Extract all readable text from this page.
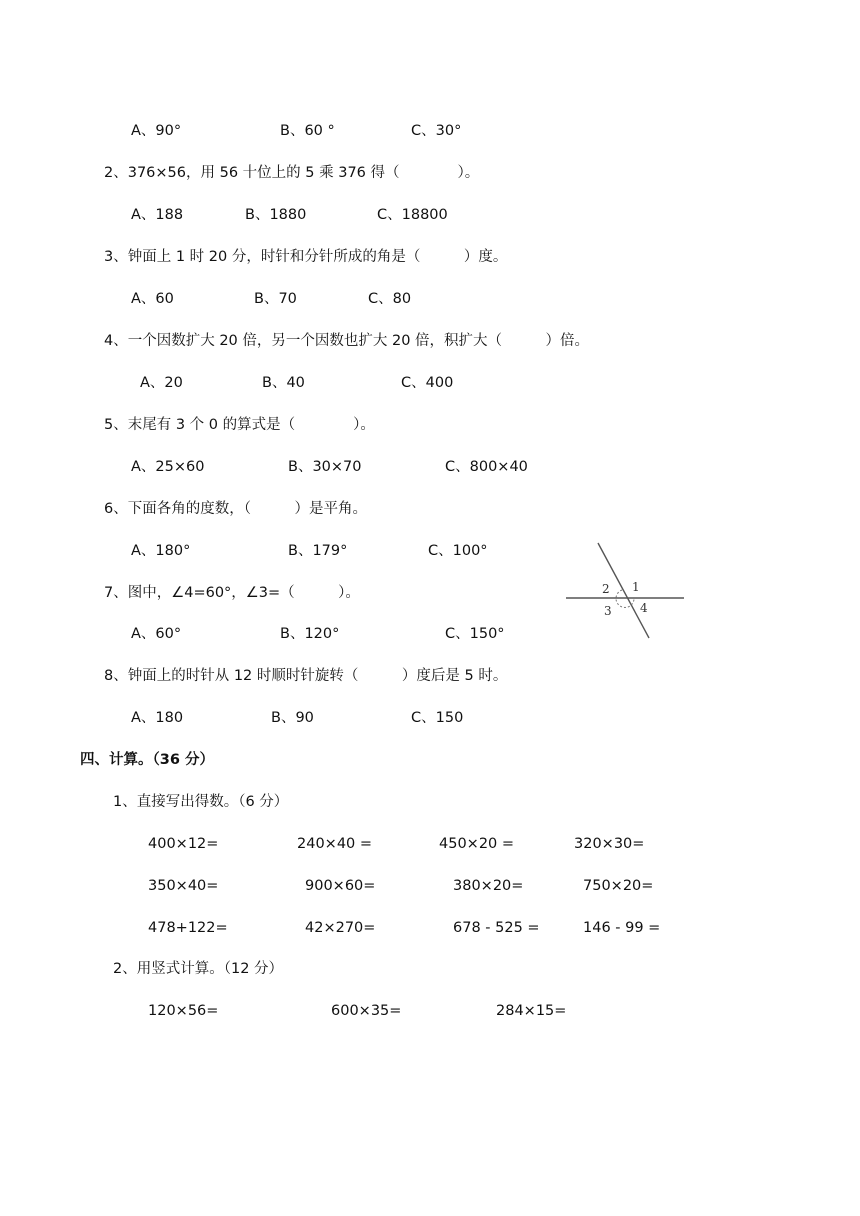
A、90°	B、60 °	C、30°
2、376×56，用 56 十位上的 5 乘 376 得（　　　　）。
A、188	B、1880	C、18800
3、钟面上 1 时 20 分，时针和分针所成的角是（　　　）度。
A、60	B、70	C、80
4、一个因数扩大 20 倍，另一个因数也扩大 20 倍，积扩大（　　　）倍。
A、20	B、40	C、400
5、末尾有 3 个 0 的算式是（　　　　）。
A、25×60	B、30×70	C、800×40
6、下面各角的度数，（　　　）是平角。
A、180°	B、179°	C、100°
7、图中，∠4=60°，∠3=（　　　）。
A、60°	B、120°	C、150°
1
2
3 4
8、钟面上的时针从 12 时顺时针旋转（　　　）度后是 5 时。
A、180	B、90	C、150
四、计算。（36 分）
1、直接写出得数。（6 分）
400×12=	240×40 =	450×20 =	320×30=
350×40=	900×60=	380×20=	750×20=
478+122=	42×270=	678 - 525 =	146 - 99 =
2、用竖式计算。（12 分）
120×56=	600×35=	284×15=
